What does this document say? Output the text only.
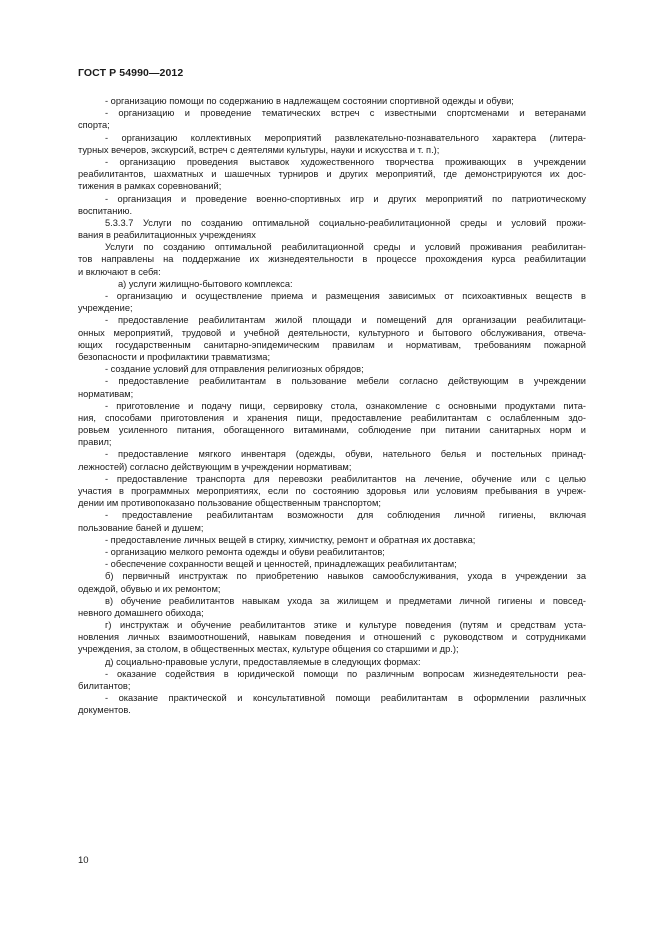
ГОСТ Р 54990—2012
- организацию помощи по содержанию в надлежащем состоянии спортивной одежды и обуви;
- организацию и проведение тематических встреч с известными спортсменами и ветеранами
спорта;
- организацию коллективных мероприятий развлекательно-познавательного характера (литера-
турных вечеров, экскурсий, встреч с деятелями культуры, науки и искусства и т. п.);
- организацию проведения выставок художественного творчества проживающих в учреждении
реабилитантов, шахматных и шашечных турниров и других мероприятий, где демонстрируются их дос-
тижения в рамках соревнований;
- организация и проведение военно-спортивных игр и других мероприятий по патриотическому
воспитанию.
5.3.3.7 Услуги по созданию оптимальной социально-реабилитационной среды и условий прожи-
вания в реабилитационных учреждениях
Услуги по созданию оптимальной реабилитационной среды и условий проживания реабилитан-
тов направлены на поддержание их жизнедеятельности в процессе прохождения курса реабилитации
и включают в себя:
а) услуги жилищно-бытового комплекса:
- организацию и осуществление приема и размещения зависимых от психоактивных веществ в
учреждение;
- предоставление реабилитантам жилой площади и помещений для организации реабилитаци-
онных мероприятий, трудовой и учебной деятельности, культурного и бытового обслуживания, отвеча-
ющих государственным санитарно-эпидемическим правилам и нормативам, требованиям пожарной
безопасности и профилактики травматизма;
- создание условий для отправления религиозных обрядов;
- предоставление реабилитантам в пользование мебели согласно действующим в учреждении
нормативам;
- приготовление и подачу пищи, сервировку стола, ознакомление с основными продуктами пита-
ния, способами приготовления и хранения пищи, предоставление реабилитантам с ослабленным здо-
ровьем усиленного питания, обогащенного витаминами, соблюдение при питании санитарных норм и
правил;
- предоставление мягкого инвентаря (одежды, обуви, нательного белья и постельных принад-
лежностей) согласно действующим в учреждении нормативам;
- предоставление транспорта для перевозки реабилитантов на лечение, обучение или с целью
участия в программных мероприятиях, если по состоянию здоровья или условиям пребывания в учреж-
дении им противопоказано пользование общественным транспортом;
- предоставление реабилитантам возможности для соблюдения личной гигиены, включая
пользование баней и душем;
- предоставление личных вещей в стирку, химчистку, ремонт и обратная их доставка;
- организацию мелкого ремонта одежды и обуви реабилитантов;
- обеспечение сохранности вещей и ценностей, принадлежащих реабилитантам;
б) первичный инструктаж по приобретению навыков самообслуживания, ухода в учреждении за
одеждой, обувью и их ремонтом;
в) обучение реабилитантов навыкам ухода за жилищем и предметами личной гигиены и повсед-
невного домашнего обихода;
г) инструктаж и обучение реабилитантов этике и культуре поведения (путям и средствам уста-
новления личных взаимоотношений, навыкам поведения и отношений с руководством и сотрудниками
учреждения, за столом, в общественных местах, культуре общения со старшими и др.);
д) социально-правовые услуги, предоставляемые в следующих формах:
- оказание содействия в юридической помощи по различным вопросам жизнедеятельности реа-
билитантов;
- оказание практической и консультативной помощи реабилитантам в оформлении различных
документов.
10
